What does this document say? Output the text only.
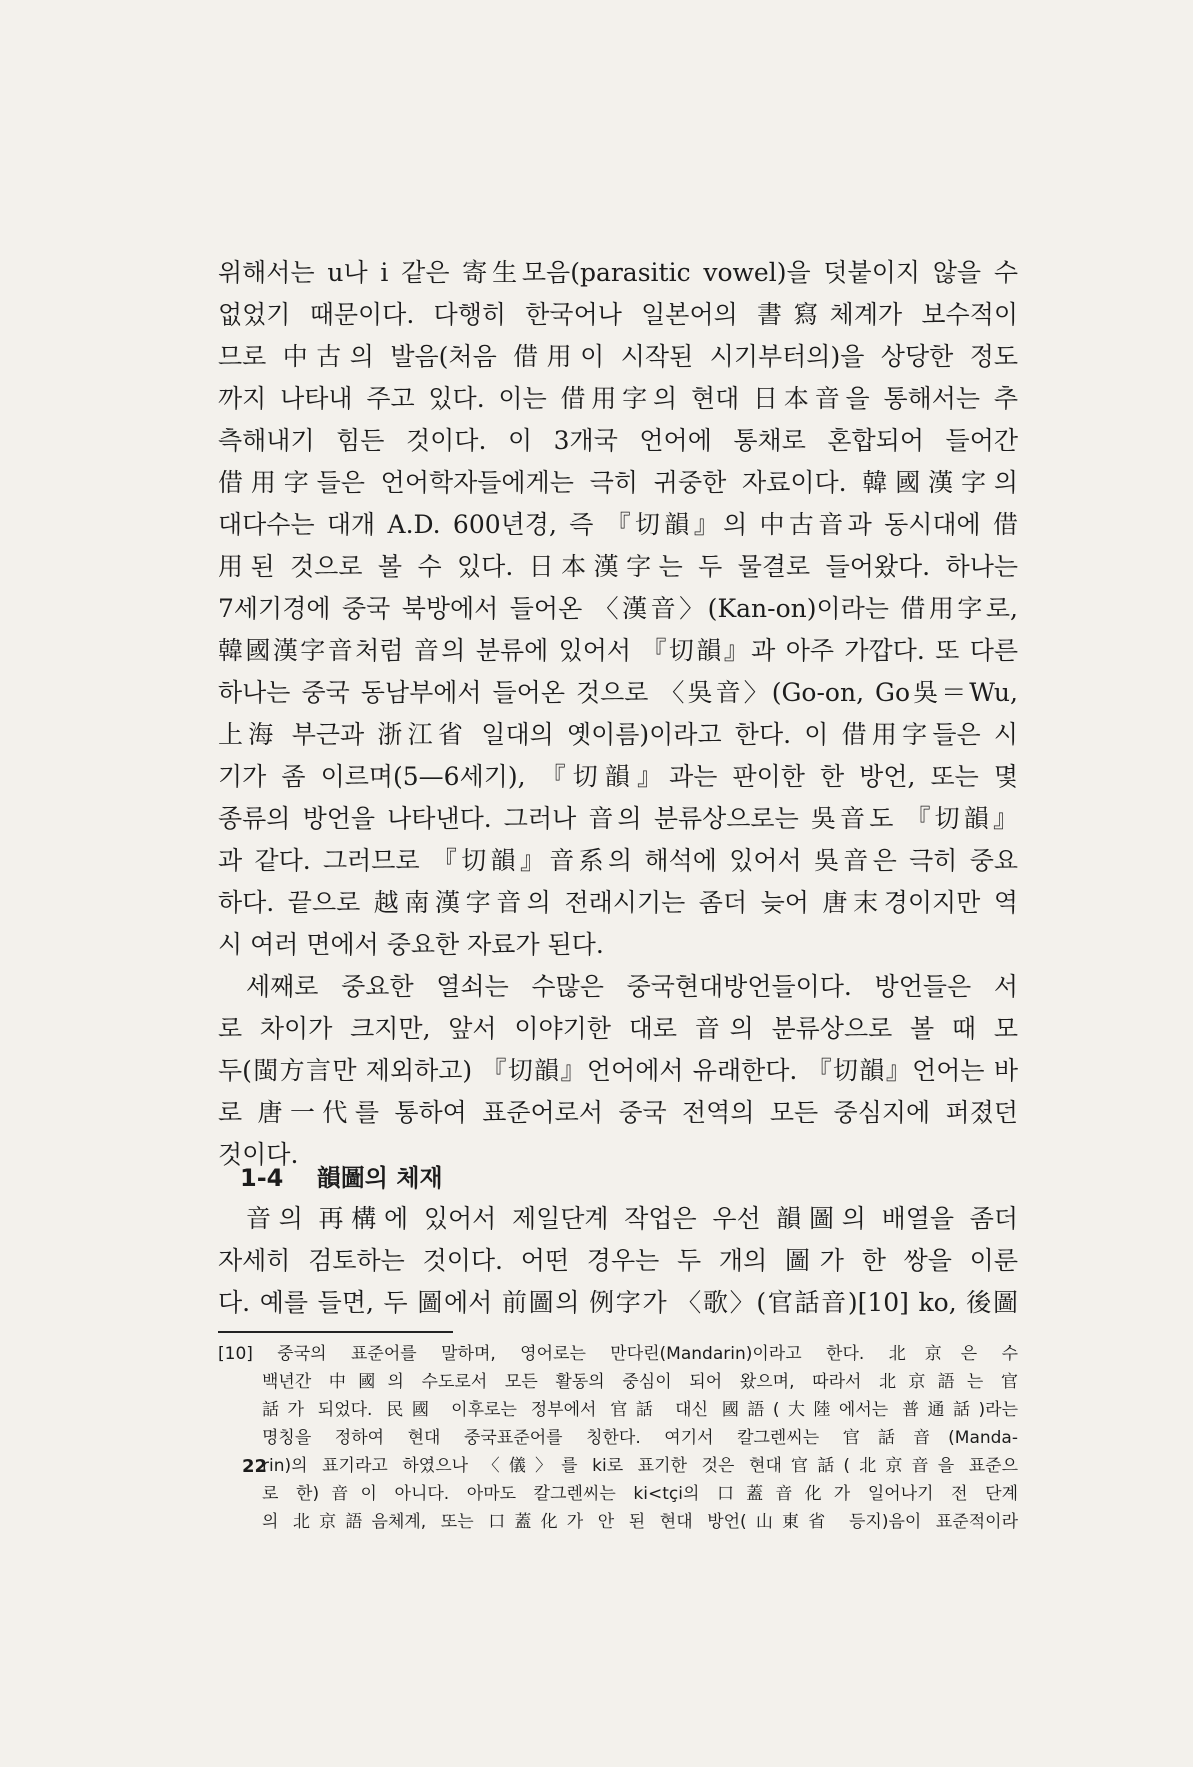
위해서는 u나 i 같은 寄生모음(parasitic vowel)을 덧붙이지 않을 수
없었기 때문이다. 다행히 한국어나 일본어의 書寫체계가 보수적이
므로 中古의 발음(처음 借用이 시작된 시기부터의)을 상당한 정도
까지 나타내 주고 있다. 이는 借用字의 현대 日本音을 통해서는 추
측해내기 힘든 것이다. 이 3개국 언어에 통채로 혼합되어 들어간
借用字들은 언어학자들에게는 극히 귀중한 자료이다. 韓國漢字의
대다수는 대개 A.D. 600년경, 즉 『切韻』의 中古音과 동시대에 借
用된 것으로 볼 수 있다. 日本漢字는 두 물결로 들어왔다. 하나는
7세기경에 중국 북방에서 들어온 〈漢音〉(Kan-on)이라는 借用字로,
韓國漢字音처럼 音의 분류에 있어서 『切韻』과 아주 가깝다. 또 다른
하나는 중국 동남부에서 들어온 것으로 〈吳音〉(Go-on, Go吳＝Wu,
上海 부근과 浙江省 일대의 옛이름)이라고 한다. 이 借用字들은 시
기가 좀 이르며(5—6세기), 『切韻』과는 판이한 한 방언, 또는 몇
종류의 방언을 나타낸다. 그러나 音의 분류상으로는 吳音도 『切韻』
과 같다. 그러므로 『切韻』音系의 해석에 있어서 吳音은 극히 중요
하다. 끝으로 越南漢字音의 전래시기는 좀더 늦어 唐末경이지만 역
시 여러 면에서 중요한 자료가 된다.
세째로 중요한 열쇠는 수많은 중국현대방언들이다. 방언들은 서
로 차이가 크지만, 앞서 이야기한 대로 音의 분류상으로 볼 때 모
두(閩方言만 제외하고) 『切韻』언어에서 유래한다. 『切韻』언어는 바
로 唐一代를 통하여 표준어로서 중국 전역의 모든 중심지에 퍼졌던
것이다.
1-4 韻圖의 체재
音의 再構에 있어서 제일단계 작업은 우선 韻圖의 배열을 좀더
자세히 검토하는 것이다. 어떤 경우는 두 개의 圖가 한 쌍을 이룬
다. 예를 들면, 두 圖에서 前圖의 例字가 〈歌〉(官話音)[10] ko, 後圖
[10] 중국의 표준어를 말하며, 영어로는 만다린(Mandarin)이라고 한다. 北京은 수
백년간 中國의 수도로서 모든 활동의 중심이 되어 왔으며, 따라서 北京語는 官
話가 되었다. 民國 이후로는 정부에서 官話 대신 國語(大陸에서는 普通話)라는
명칭을 정하여 현대 중국표준어를 칭한다. 여기서 칼그렌씨는 官話音(Manda-
rin)의 표기라고 하였으나 〈儀〉를 ki로 표기한 것은 현대官話(北京音을 표준으
로 한)音이 아니다. 아마도 칼그렌씨는 ki<tçi의 口蓋音化가 일어나기 전 단계
의 北京語음체계, 또는 口蓋化가 안 된 현대 방언(山東省 등지)음이 표준적이라
22
